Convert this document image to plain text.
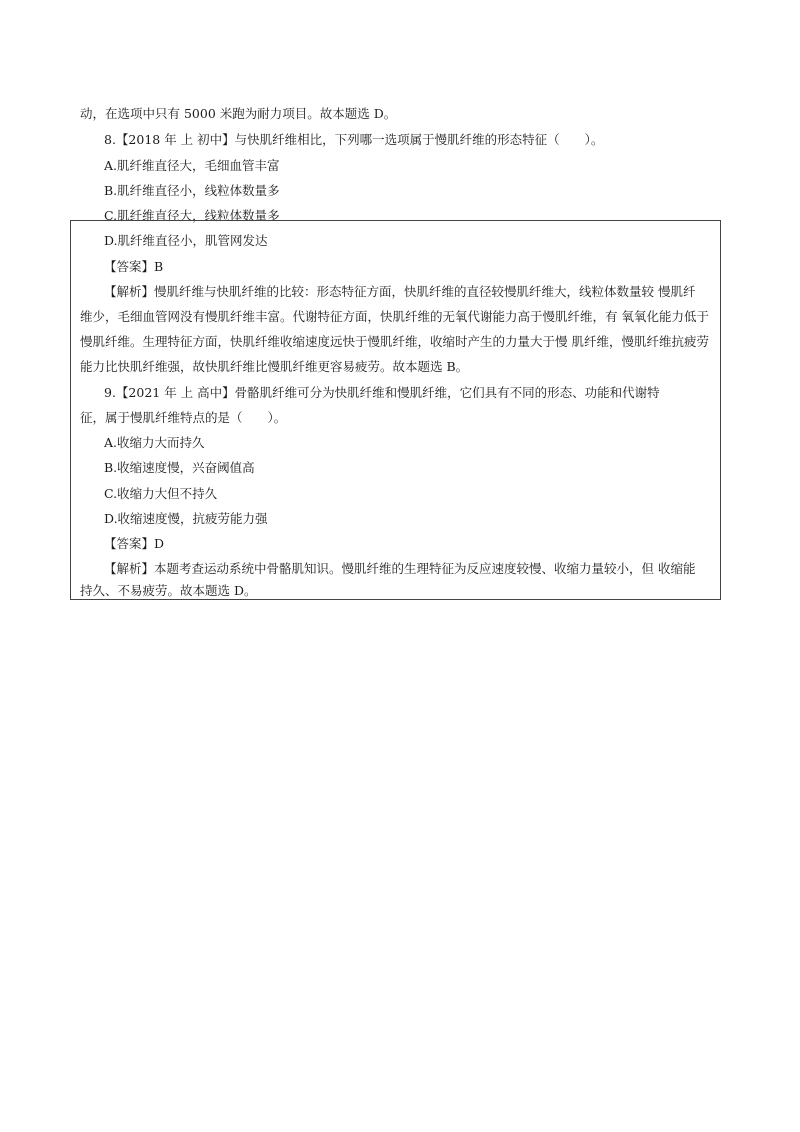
动，在选项中只有 5000 米跑为耐力项目。故本题选 D。
8.【2018 年 上 初中】与快肌纤维相比，下列哪一选项属于慢肌纤维的形态特征（　　）。
A.肌纤维直径大，毛细血管丰富
B.肌纤维直径小，线粒体数量多
C.肌纤维直径大，线粒体数量多
D.肌纤维直径小，肌管网发达
【答案】B
【解析】慢肌纤维与快肌纤维的比较：形态特征方面，快肌纤维的直径较慢肌纤维大，线粒体数量较 慢肌纤
维少，毛细血管网没有慢肌纤维丰富。代谢特征方面，快肌纤维的无氧代谢能力高于慢肌纤维，有 氧氧化能力低于
慢肌纤维。生理特征方面，快肌纤维收缩速度远快于慢肌纤维，收缩时产生的力量大于慢 肌纤维，慢肌纤维抗疲劳
能力比快肌纤维强，故快肌纤维比慢肌纤维更容易疲劳。故本题选 B。
9.【2021 年 上 高中】骨骼肌纤维可分为快肌纤维和慢肌纤维，它们具有不同的形态、功能和代谢特
征，属于慢肌纤维特点的是（　　）。
A.收缩力大而持久
B.收缩速度慢，兴奋阈值高
C.收缩力大但不持久
D.收缩速度慢，抗疲劳能力强
【答案】D
【解析】本题考查运动系统中骨骼肌知识。慢肌纤维的生理特征为反应速度较慢、收缩力量较小，但 收缩能
持久、不易疲劳。故本题选 D。
